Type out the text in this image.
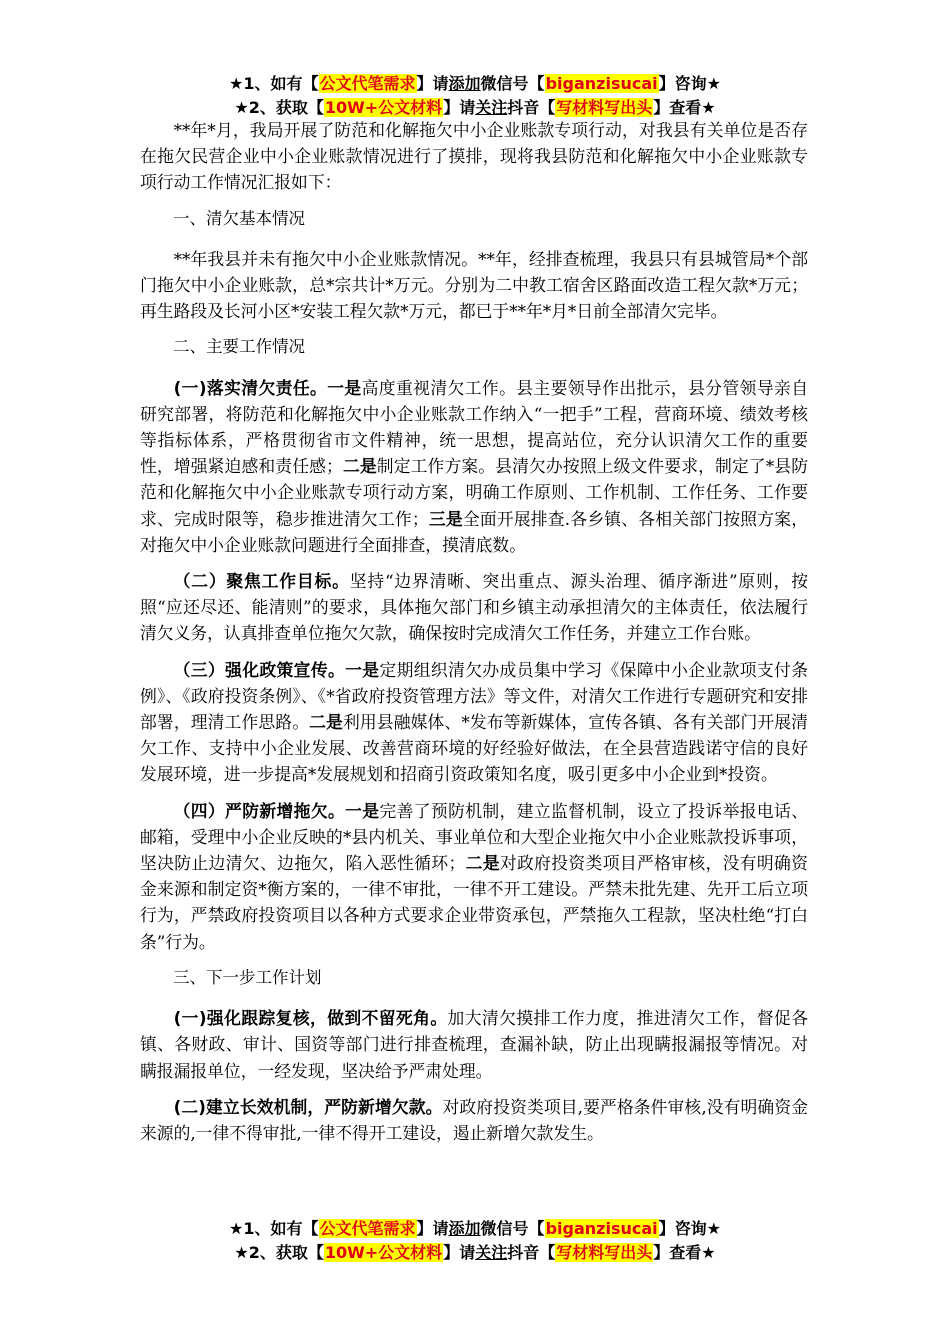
★1、如有【公文代笔需求】请添加微信号【biganzisucai】咨询★
★2、获取【10W+公文材料】请关注抖音【写材料写出头】查看★

**年*月，我局开展了防范和化解拖欠中小企业账款专项行动，对我县有关单位是否存在拖欠民营企业中小企业账款情况进行了摸排，现将我县防范和化解拖欠中小企业账款专项行动工作情况汇报如下：

一、清欠基本情况

**年我县并未有拖欠中小企业账款情况。**年，经排查梳理，我县只有县城管局*个部门拖欠中小企业账款，总*宗共计*万元。分别为二中教工宿舍区路面改造工程欠款*万元；再生路段及长河小区*安装工程欠款*万元，都已于**年*月*日前全部清欠完毕。

二、主要工作情况

(一)落实清欠责任。一是高度重视清欠工作。县主要领导作出批示，县分管领导亲自研究部署，将防范和化解拖欠中小企业账款工作纳入“一把手”工程，营商环境、绩效考核等指标体系，严格贯彻省市文件精神，统一思想，提高站位，充分认识清欠工作的重要性，增强紧迫感和责任感；二是制定工作方案。县清欠办按照上级文件要求，制定了*县防范和化解拖欠中小企业账款专项行动方案，明确工作原则、工作机制、工作任务、工作要求、完成时限等，稳步推进清欠工作；三是全面开展排查.各乡镇、各相关部门按照方案，对拖欠中小企业账款问题进行全面排查，摸清底数。

（二）聚焦工作目标。坚持“边界清晰、突出重点、源头治理、循序渐进”原则，按照“应还尽还、能清则”的要求，具体拖欠部门和乡镇主动承担清欠的主体责任，依法履行清欠义务，认真排查单位拖欠欠款，确保按时完成清欠工作任务，并建立工作台账。

（三）强化政策宣传。一是定期组织清欠办成员集中学习《保障中小企业款项支付条例》、《政府投资条例》、《*省政府投资管理方法》等文件，对清欠工作进行专题研究和安排部署，理清工作思路。二是利用县融媒体、*发布等新媒体，宣传各镇、各有关部门开展清欠工作、支持中小企业发展、改善营商环境的好经验好做法，在全县营造践诺守信的良好发展环境，进一步提高*发展规划和招商引资政策知名度，吸引更多中小企业到*投资。

（四）严防新增拖欠。一是完善了预防机制，建立监督机制，设立了投诉举报电话、邮箱，受理中小企业反映的*县内机关、事业单位和大型企业拖欠中小企业账款投诉事项，坚决防止边清欠、边拖欠，陷入恶性循环；二是对政府投资类项目严格审核，没有明确资金来源和制定资*衡方案的，一律不审批，一律不开工建设。严禁未批先建、先开工后立项行为，严禁政府投资项目以各种方式要求企业带资承包，严禁拖久工程款，坚决杜绝“打白条”行为。

三、下一步工作计划

(一)强化跟踪复核，做到不留死角。加大清欠摸排工作力度，推进清欠工作，督促各镇、各财政、审计、国资等部门进行排查梳理，查漏补缺，防止出现瞒报漏报等情况。对瞒报漏报单位，一经发现，坚决给予严肃处理。

(二)建立长效机制，严防新增欠款。对政府投资类项目,要严格条件审核,没有明确资金来源的,一律不得审批,一律不得开工建设，遏止新增欠款发生。

★1、如有【公文代笔需求】请添加微信号【biganzisucai】咨询★
★2、获取【10W+公文材料】请关注抖音【写材料写出头】查看★
